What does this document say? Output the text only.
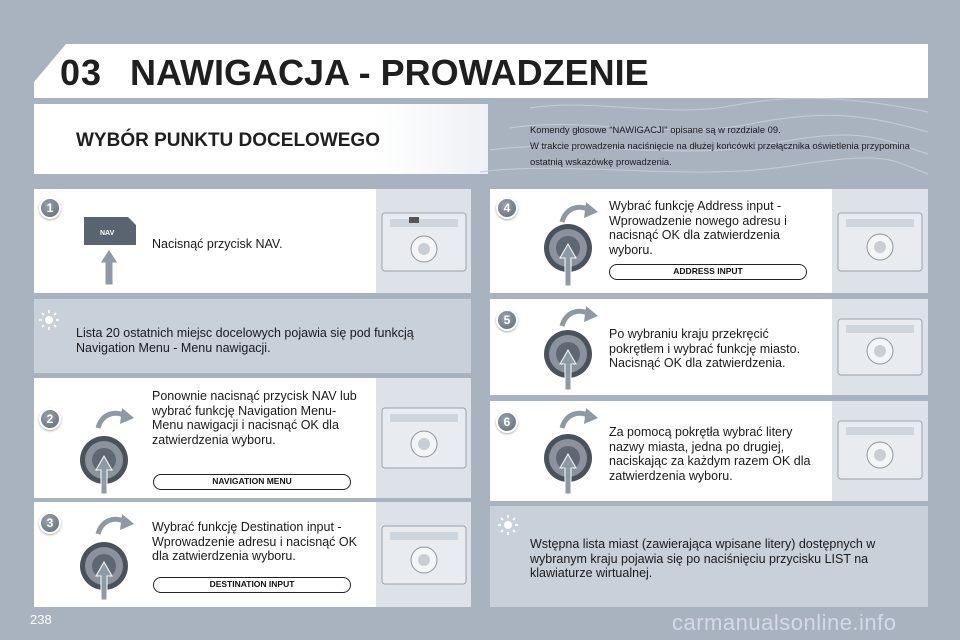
03 NAWIGACJA - PROWADZENIE
WYBÓR PUNKTU DOCELOWEGO
Komendy głosowe "NAWIGACJI" opisane są w rozdziale 09.
W trakcie prowadzenia naciśnięcie na dłużej końcówki przełącznika oświetlenia przypomina ostatnią wskazówkę prowadzenia.
1
NAV
Nacisnąć przycisk NAV.
Lista 20 ostatnich miejsc docelowych pojawia się pod funkcją Navigation Menu - Menu nawigacji.
2
Ponownie nacisnąć przycisk NAV lub wybrać funkcję Navigation Menu- Menu nawigacji i nacisnąć OK dla zatwierdzenia wyboru.
NAVIGATION MENU
3	Wybrać funkcję Destination input - Wprowadzenie adresu i nacisnąć OK dla zatwierdzenia wyboru.
DESTINATION INPUT
4	Wybrać funkcję Address input - Wprowadzenie nowego adresu i nacisnąć OK dla zatwierdzenia wyboru.
ADDRESS INPUT
5
Po wybraniu kraju przekręcić pokrętłem i wybrać funkcję miasto. Nacisnąć OK dla zatwierdzenia.
6
Za pomocą pokrętła wybrać litery nazwy miasta, jedna po drugiej, naciskając za każdym razem OK dla zatwierdzenia wyboru.
Wstępna lista miast (zawierająca wpisane litery) dostępnych w wybranym kraju pojawia się po naciśnięciu przycisku LIST na klawiaturze wirtualnej.
238	carmanualsonline.info
